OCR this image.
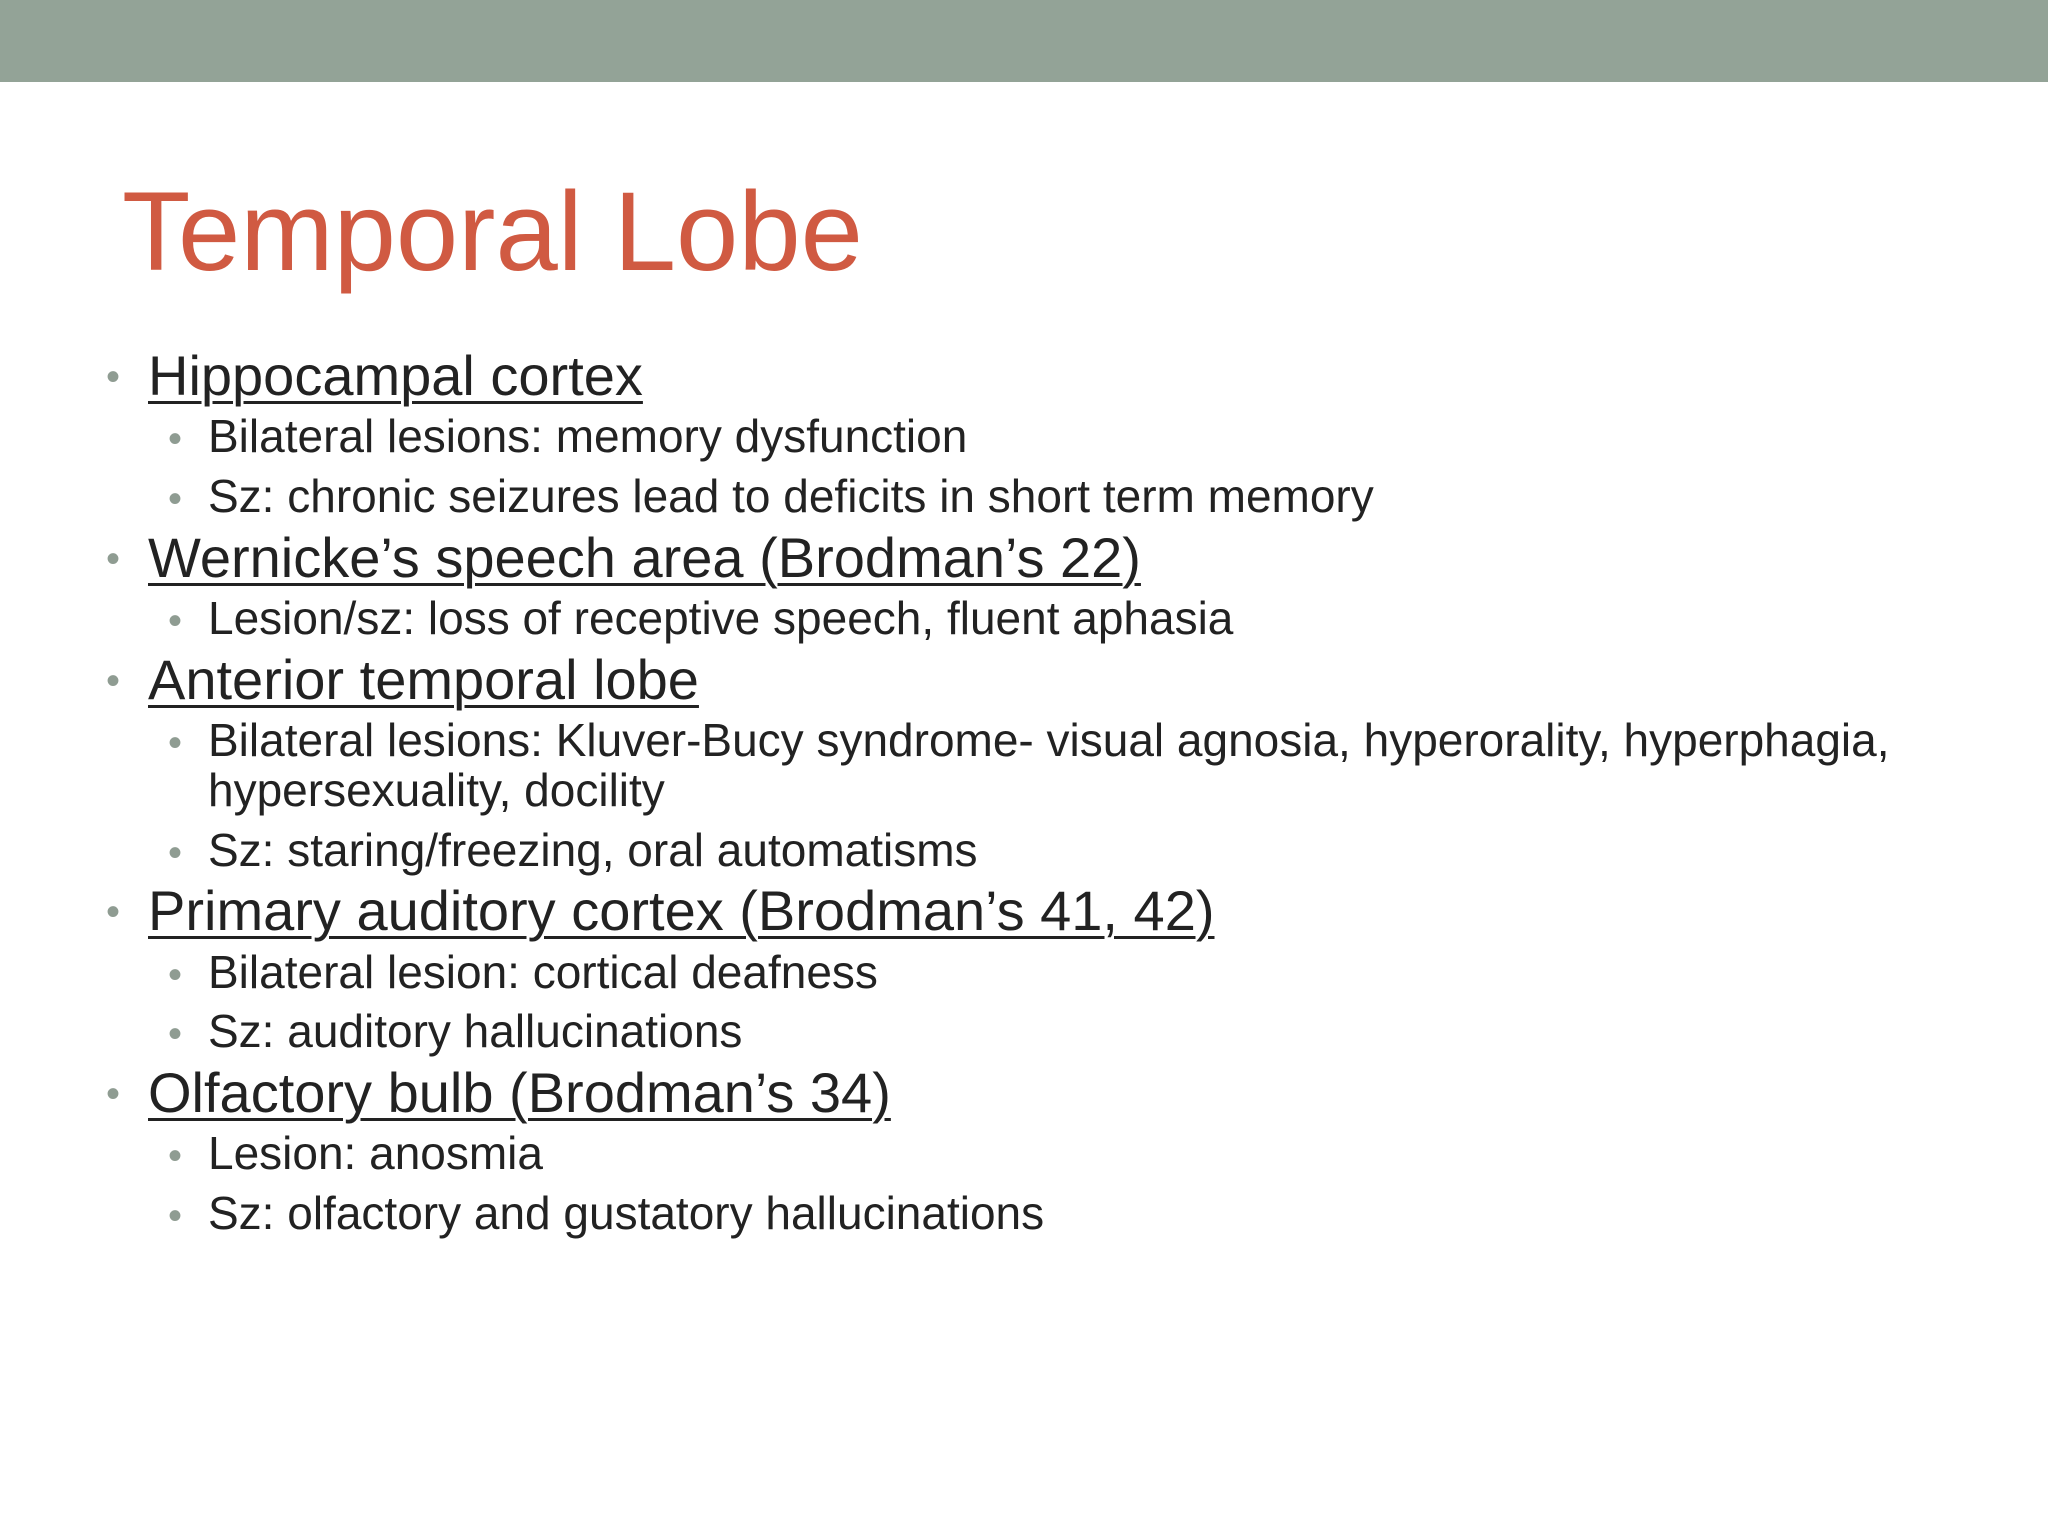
Temporal Lobe
• Hippocampal cortex
• Bilateral lesions: memory dysfunction
• Sz: chronic seizures lead to deficits in short term memory
• Wernicke’s speech area (Brodman’s 22)
• Lesion/sz: loss of receptive speech, fluent aphasia
• Anterior temporal lobe
• Bilateral lesions: Kluver-Bucy syndrome- visual agnosia, hyperorality, hyperphagia, hypersexuality, docility
• Sz: staring/freezing, oral automatisms
• Primary auditory cortex (Brodman’s 41, 42)
• Bilateral lesion: cortical deafness
• Sz: auditory hallucinations
• Olfactory bulb (Brodman’s 34)
• Lesion: anosmia
• Sz: olfactory and gustatory hallucinations
